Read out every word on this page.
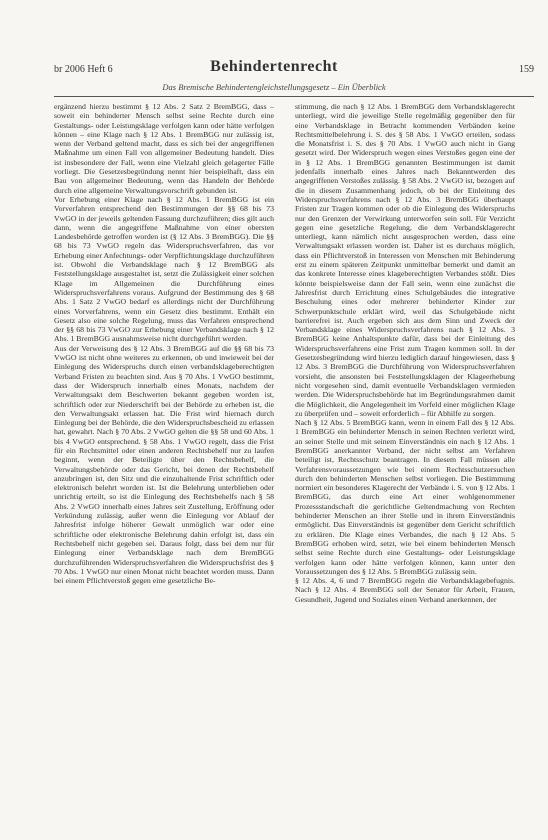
br 2006 Heft 6	Behindertenrecht	159
Das Bremische Behindertengleichstellungsgesetz – Ein Überblick

ergänzend hierzu bestimmt § 12 Abs. 2 Satz 2 BremBGG, dass – soweit ein behinderter Mensch selbst seine Rechte durch eine Gestaltungs- oder Leistungsklage verfolgen kann oder hätte verfolgen können – eine Klage nach § 12 Abs. 1 BremBGG nur zulässig ist, wenn der Verband geltend macht, dass es sich bei der angegriffenen Maßnahme um einen Fall von allgemeiner Bedeutung handelt. Dies ist insbesondere der Fall, wenn eine Vielzahl gleich gelagerter Fälle vorliegt. Die Gesetzesbegründung nennt hier beispielhaft, dass ein Bau von allgemeiner Bedeutung, wenn das Handeln der Behörde durch eine allgemeine Verwaltungsvorschrift gebunden ist.

Vor Erhebung einer Klage nach § 12 Abs. 1 BremBGG ist ein Vorverfahren entsprechend den Bestimmungen der §§ 68 bis 73 VwGO in der jeweils geltenden Fassung durchzuführen; dies gilt auch dann, wenn die angegriffene Maßnahme von einer obersten Landesbehörde getroffen worden ist (§ 12 Abs. 3 BremBGG). Die §§ 68 bis 73 VwGO regeln das Widerspruchsverfahren, das vor Erhebung einer Anfechtungs- oder Verpflichtungsklage durchzuführen ist. Obwohl die Verbandsklage nach § 12 BremBGG als Feststellungsklage ausgestaltet ist, setzt die Zulässigkeit einer solchen Klage im Allgemeinen die Durchführung eines Widerspruchsverfahrens voraus. Aufgrund der Bestimmung des § 68 Abs. 1 Satz 2 VwGO bedarf es allerdings nicht der Durchführung eines Vorverfahrens, wenn ein Gesetz dies bestimmt. Enthält ein Gesetz also eine solche Regelung, muss das Verfahren entsprechend der §§ 68 bis 73 VwGO zur Erhebung einer Verbandsklage nach § 12 Abs. 1 BremBGG ausnahmsweise nicht durchgeführt werden.

Aus der Verweisung des § 12 Abs. 3 BremBGG auf die §§ 68 bis 73 VwGO ist nicht ohne weiteres zu erkennen, ob und inwieweit bei der Einlegung des Widerspruchs durch einen verbandsklageberechtigten Verband Fristen zu beachten sind. Aus § 70 Abs. 1 VwGO bestimmt, dass der Widerspruch innerhalb eines Monats, nachdem der Verwaltungsakt dem Beschwerten bekannt gegeben worden ist, schriftlich oder zur Niederschrift bei der Behörde zu erheben ist, die den Verwaltungsakt erlassen hat. Die Frist wird hiernach durch Einlegung bei der Behörde, die den Widerspruchsbescheid zu erlassen hat, gewahrt. Nach § 70 Abs. 2 VwGO gelten die §§ 58 und 60 Abs. 1 bis 4 VwGO entsprechend. § 58 Abs. 1 VwGO regelt, dass die Frist für ein Rechtsmittel oder einen anderen Rechtsbehelf nur zu laufen beginnt, wenn der Beteiligte über den Rechtsbehelf, die Verwaltungsbehörde oder das Gericht, bei denen der Rechtsbehelf anzubringen ist, den Sitz und die einzuhaltende Frist schriftlich oder elektronisch belehrt worden ist. Ist die Belehrung unterblieben oder unrichtig erteilt, so ist die Einlegung des Rechtsbehelfs nach § 58 Abs. 2 VwGO innerhalb eines Jahres seit Zustellung, Eröffnung oder Verkündung zulässig, außer wenn die Einlegung vor Ablauf der Jahresfrist infolge höherer Gewalt unmöglich war oder eine schriftliche oder elektronische Belehrung dahin erfolgt ist, dass ein Rechtsbehelf nicht gegeben sei. Daraus folgt, dass bei dem nur für Einlegung einer Verbandsklage nach dem BremBGG durchzuführenden Widerspruchsverfahren die Widerspruchsfrist des § 70 Abs. 1 VwGO nur einen Monat nicht beachtet worden muss. Dann bei einem Pflichtverstoß gegen eine gesetzliche Be-

stimmung, die nach § 12 Abs. 1 BremBGG dem Verbandsklagerecht unterliegt, wird die jeweilige Stelle regelmäßig gegenüber den für eine Verbandsklage in Betracht kommenden Verbänden keine Rechtsmittelbelehrung i. S. des § 58 Abs. 1 VwGO erteilen, sodass die Monatsfrist i. S. des § 70 Abs. 1 VwGO auch nicht in Gang gesetzt wird. Der Widerspruch wegen eines Verstoßes gegen eine der in § 12 Abs. 1 BremBGG genannten Bestimmungen ist damit jedenfalls innerhalb eines Jahres nach Bekanntwerden des angegriffenen Verstoßes zulässig. § 58 Abs. 2 VwGO ist, bezogen auf die in diesem Zusammenhang jedoch, ob bei der Einleitung des Widerspruchsverfahrens nach § 12 Abs. 3 BremBGG überhaupt Fristen zur Tragen kommen oder ob die Einlegung des Widerspruchs nur den Grenzen der Verwirkung unterworfen sein soll. Für Verzicht gegen eine gesetzliche Regelung, die dem Verbandsklagerecht unterliegt, kann nämlich nicht ausgesprochen werden, dass eine Verwaltungsakt erlassen worden ist. Daher ist es durchaus möglich, dass ein Pflichtverstoß in Interessen von Menschen mit Behinderung erst zu einem späteren Zeitpunkt unmittelbar bemerkt und damit an das konkrete Interesse eines klageberechtigten Verbandes stößt. Dies könnte beispielsweise dann der Fall sein, wenn eine zunächst die Jahresfrist durch Errichtung eines Schulgebäudes die integrative Beschulung eines oder mehrerer behinderter Kinder zur Schwerpunktschule erklärt wird, weil das Schulgebäude nicht barrierefrei ist. Auch ergeben sich aus dem Sinn und Zweck der Verbandsklage eines Widerspruchsverfahrens nach § 12 Abs. 3 BremBGG keine Anhaltspunkte dafür, dass bei der Einleitung des Widerspruchsverfahrens eine Frist zum Tragen kommen soll. In der Gesetzesbegründung wird hierzu lediglich darauf hingewiesen, dass § 12 Abs. 3 BremBGG die Durchführung von Widerspruchsverfahren vorsieht, die ansonsten bei Feststellungsklagen der Klageerhebung nicht vorgesehen sind, damit eventuelle Verbandsklagen vermieden werden. Die Widerspruchsbehörde hat im Begründungsrahmen damit die Möglichkeit, die Angelegenheit im Vorfeld einer möglichen Klage zu überprüfen und – soweit erforderlich – für Abhilfe zu sorgen.

Nach § 12 Abs. 5 BremBGG kann, wenn in einem Fall des § 12 Abs. 1 BremBGG ein behinderter Mensch in seinen Rechten verletzt wird, an seiner Stelle und mit seinem Einverständnis ein nach § 12 Abs. 1 BremBGG anerkannter Verband, der nicht selbst am Verfahren beteiligt ist, Rechtsschutz beantragen. In diesem Fall müssen alle Verfahrensvoraussetzungen wie bei einem Rechtsschutzersuchen durch den behinderten Menschen selbst vorliegen. Die Bestimmung normiert ein besonderes Klagerecht der Verbände i. S. von § 12 Abs. 1 BremBGG, das durch eine Art einer wohlgenommener Prozessstandschaft die gerichtliche Geltendmachung von Rechten behinderter Menschen an ihrer Stelle und in ihrem Einverständnis ermöglicht. Das Einverständnis ist gegenüber dem Gericht schriftlich zu erklären. Die Klage eines Verbandes, die nach § 12 Abs. 5 BremBGG erhoben wird, setzt, wie bei einem behinderten Mensch selbst seine Rechte durch eine Gestaltungs- oder Leistungsklage verfolgen kann oder hätte verfolgen können, kann unter den Voraussetzungen des § 12 Abs. 5 BremBGG zulässig sein.

§ 12 Abs. 4, 6 und 7 BremBGG regeln die Verbandsklagebefugnis. Nach § 12 Abs. 4 BremBGG soll der Senator für Arbeit, Frauen, Gesundheit, Jugend und Soziales einen Verband anerkennen, der
